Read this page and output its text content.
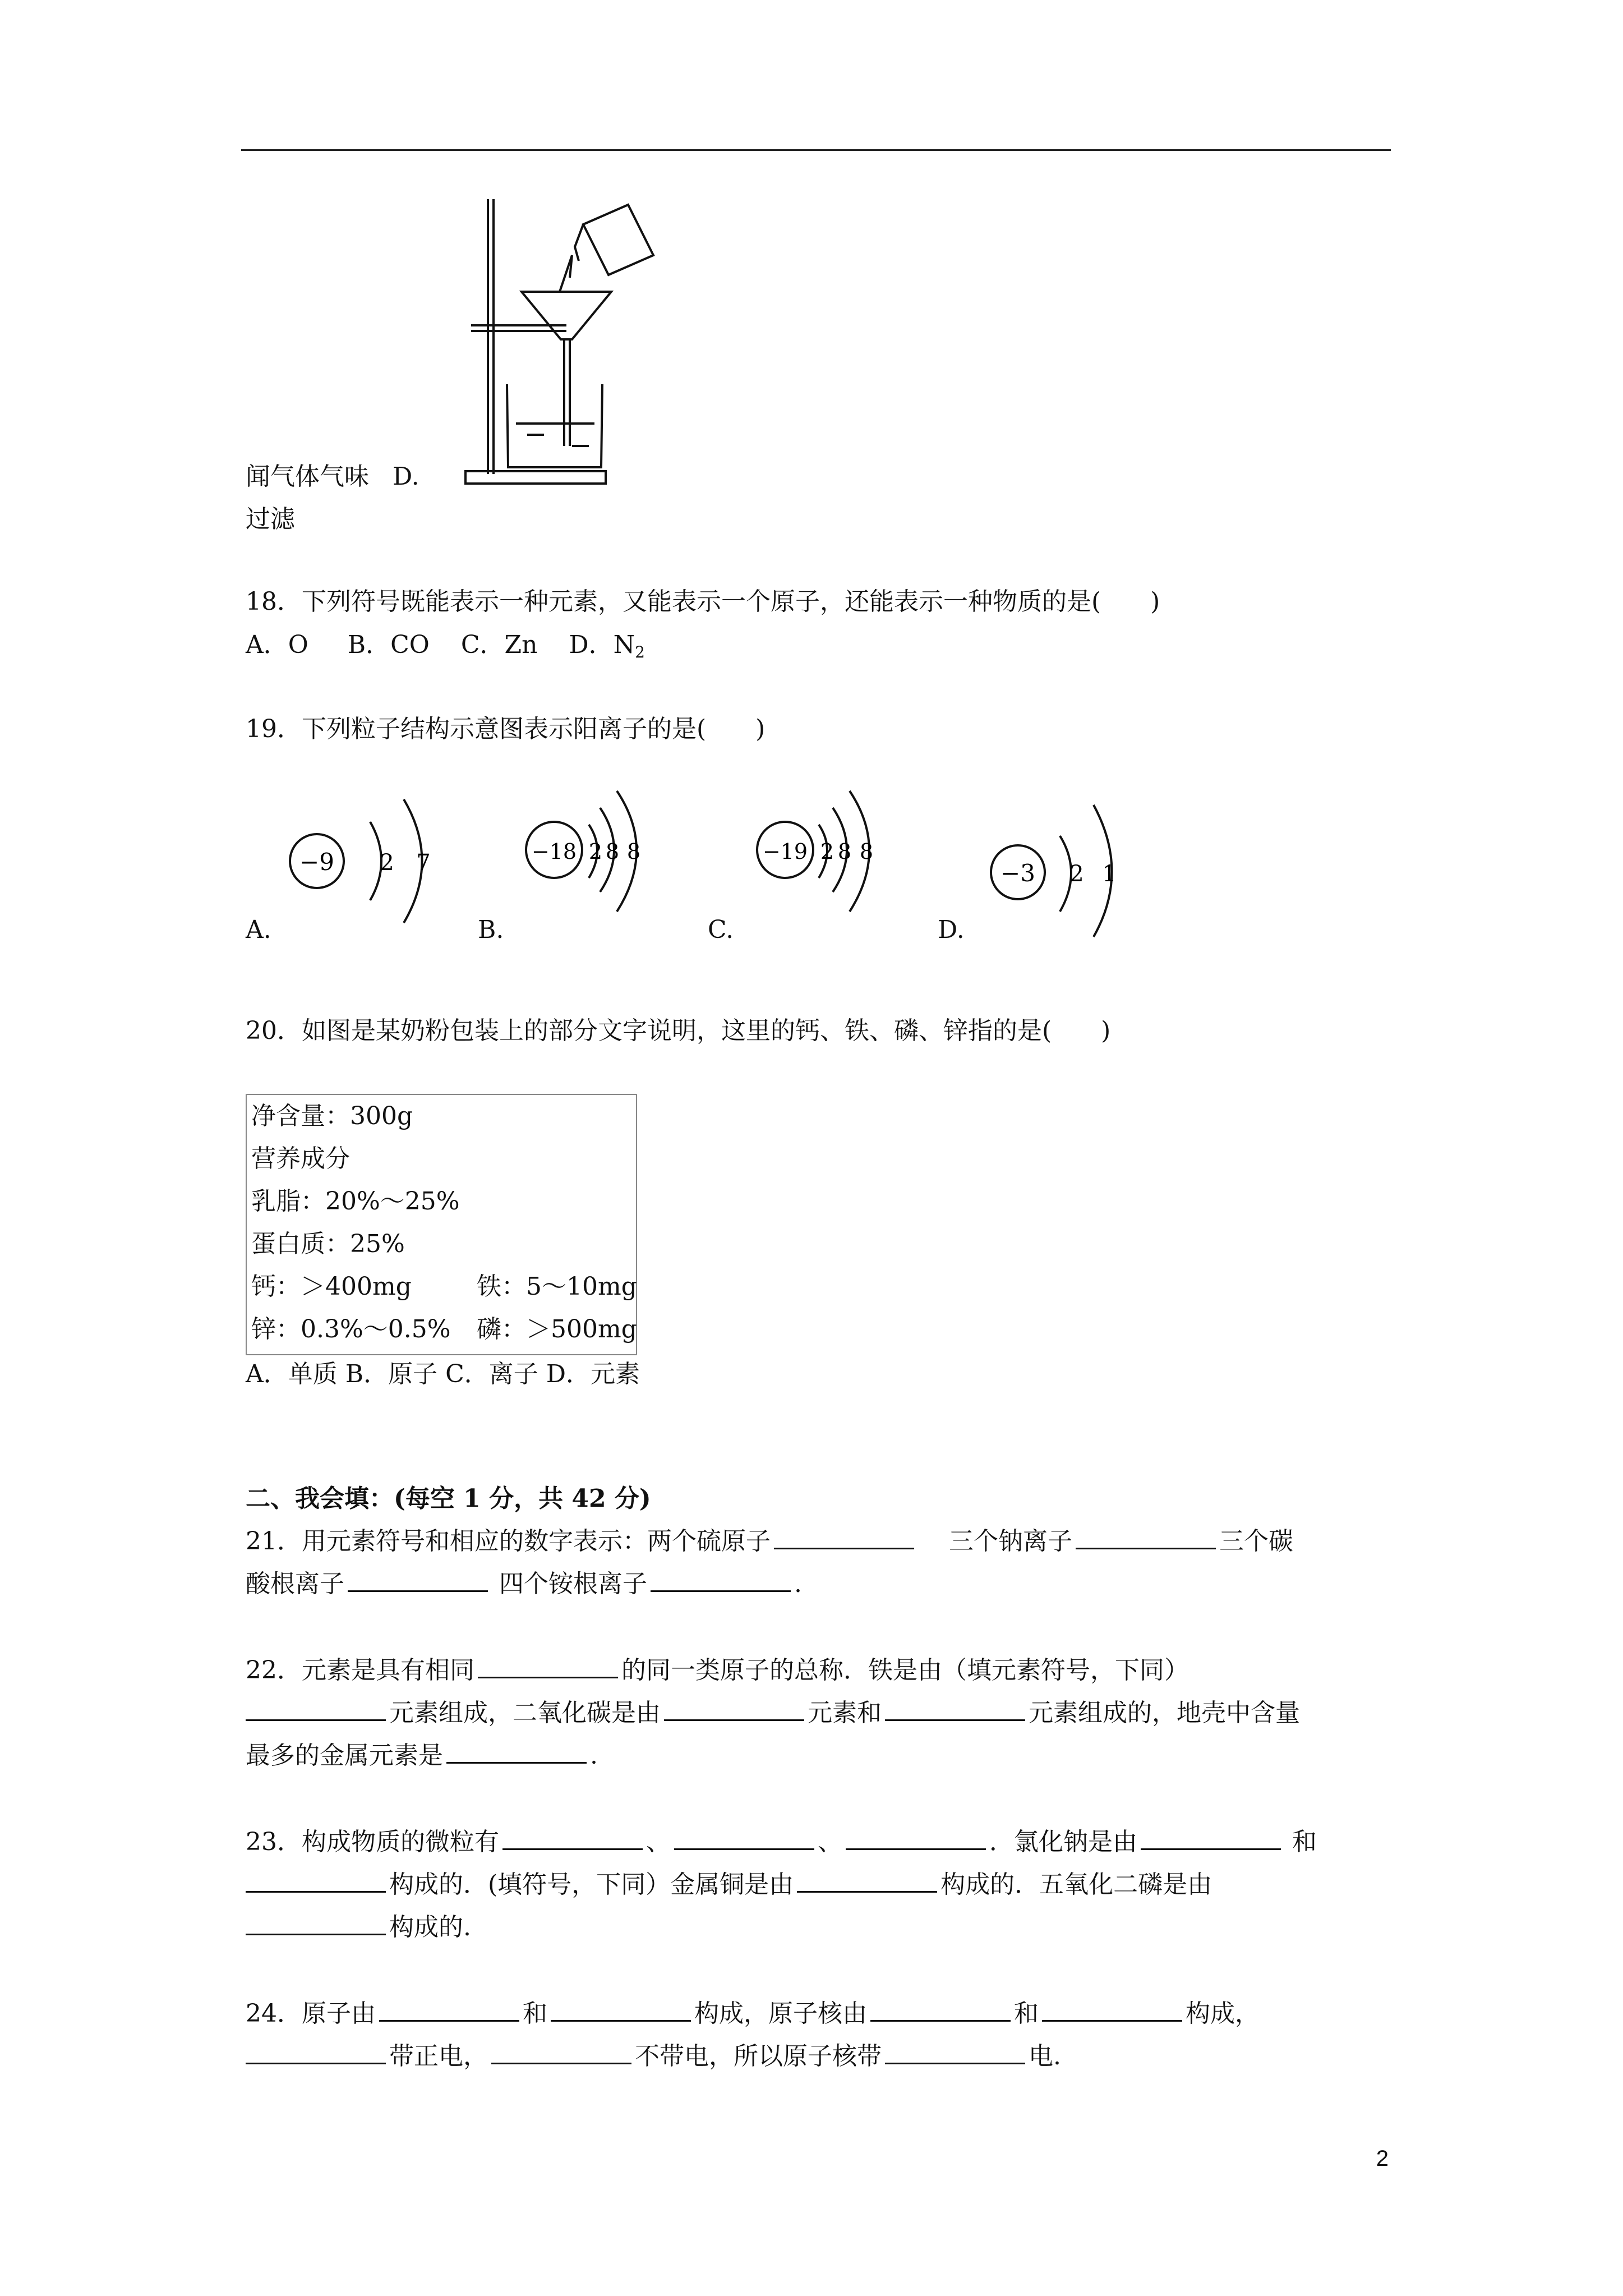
闻气体气味 D.
过滤
18．下列符号既能表示一种元素，又能表示一个原子，还能表示一种物质的是(　　)
A．O B．CO C．Zn D．$N_2$
19．下列粒子结构示意图表示阳离子的是(　　)
−9 2 7
A.
−18 2 8 8
B.
−19 2 8 8
C.
−3 2 1
D.
20．如图是某奶粉包装上的部分文字说明，这里的钙、铁、磷、锌指的是(　　)
净含量：300g
营养成分
乳脂：20%～25%
蛋白质：25%
钙：＞400mg	铁：5～10mg
锌：0.3%～0.5% 磷：＞500mg
A．单质 B．原子 C．离子 D．元素
二、我会填：(每空 1 分，共 42 分)
21．用元素符号和相应的数字表示：两个硫原子	三个钠离子	三个碳
酸根离子	四个铵根离子	.
22．元素是具有相同	的同一类原子的总称．铁是由（填元素符号，下同）
元素组成，二氧化碳是由	元素和	元素组成的，地壳中含量
最多的金属元素是	.
23．构成物质的微粒有	、	、	．氯化钠是由	和
构成的．(填符号，下同）金属铜是由	构成的．五氧化二磷是由
构成的.
24．原子由	和	构成，原子核由	和	构成，
带正电，	不带电，所以原子核带	电.
2
